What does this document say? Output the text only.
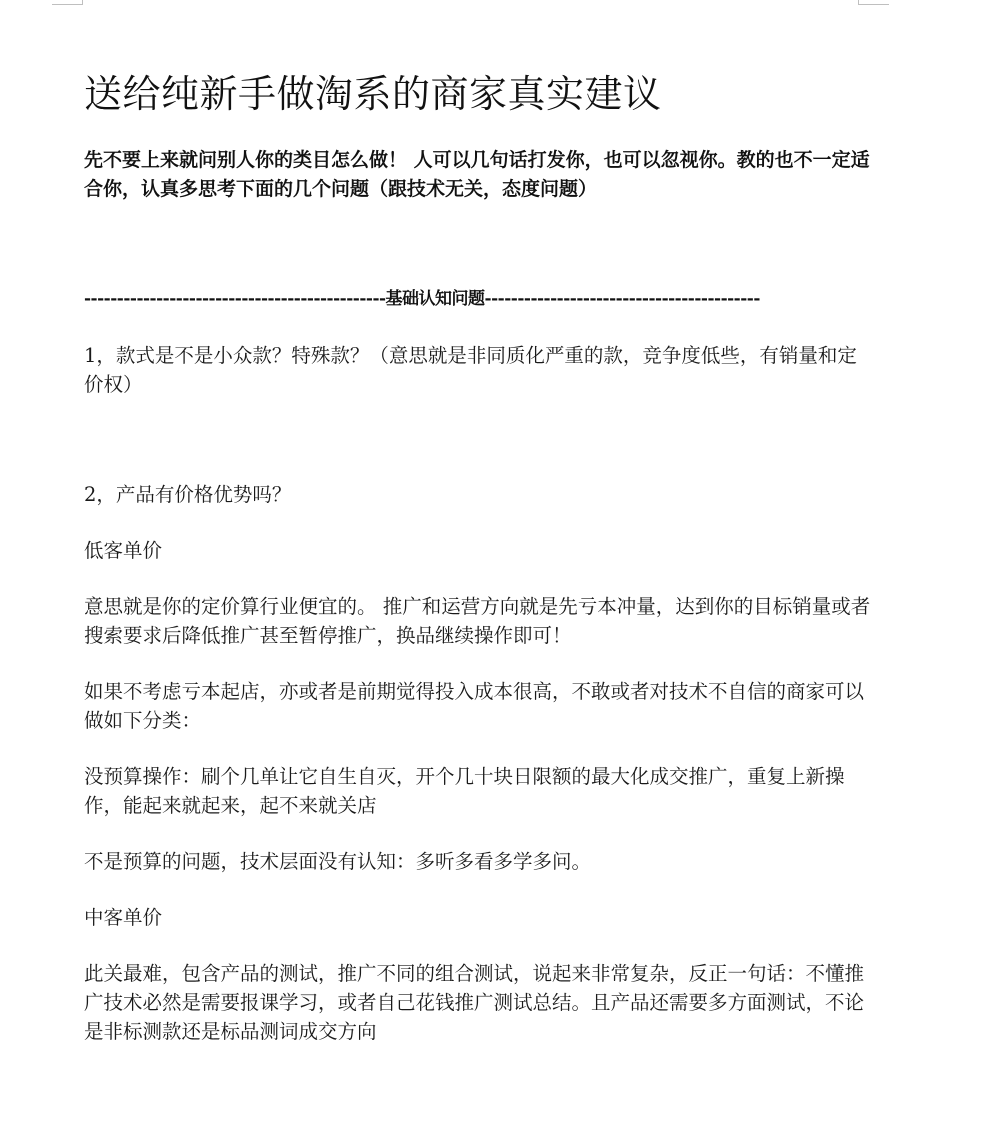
送给纯新手做淘系的商家真实建议

先不要上来就问别人你的类目怎么做！ 人可以几句话打发你，也可以忽视你。教的也不一定适合你，认真多思考下面的几个问题（跟技术无关，态度问题）

----------------------------------------------基础认知问题------------------------------------------

1，款式是不是小众款？特殊款？（意思就是非同质化严重的款，竞争度低些，有销量和定价权）

2，产品有价格优势吗？

低客单价

意思就是你的定价算行业便宜的。 推广和运营方向就是先亏本冲量，达到你的目标销量或者搜索要求后降低推广甚至暂停推广，换品继续操作即可！

如果不考虑亏本起店，亦或者是前期觉得投入成本很高，不敢或者对技术不自信的商家可以做如下分类：

没预算操作：刷个几单让它自生自灭，开个几十块日限额的最大化成交推广，重复上新操作，能起来就起来，起不来就关店

不是预算的问题，技术层面没有认知：多听多看多学多问。

中客单价

此关最难，包含产品的测试，推广不同的组合测试，说起来非常复杂，反正一句话：不懂推广技术必然是需要报课学习，或者自己花钱推广测试总结。且产品还需要多方面测试，不论是非标测款还是标品测词成交方向
